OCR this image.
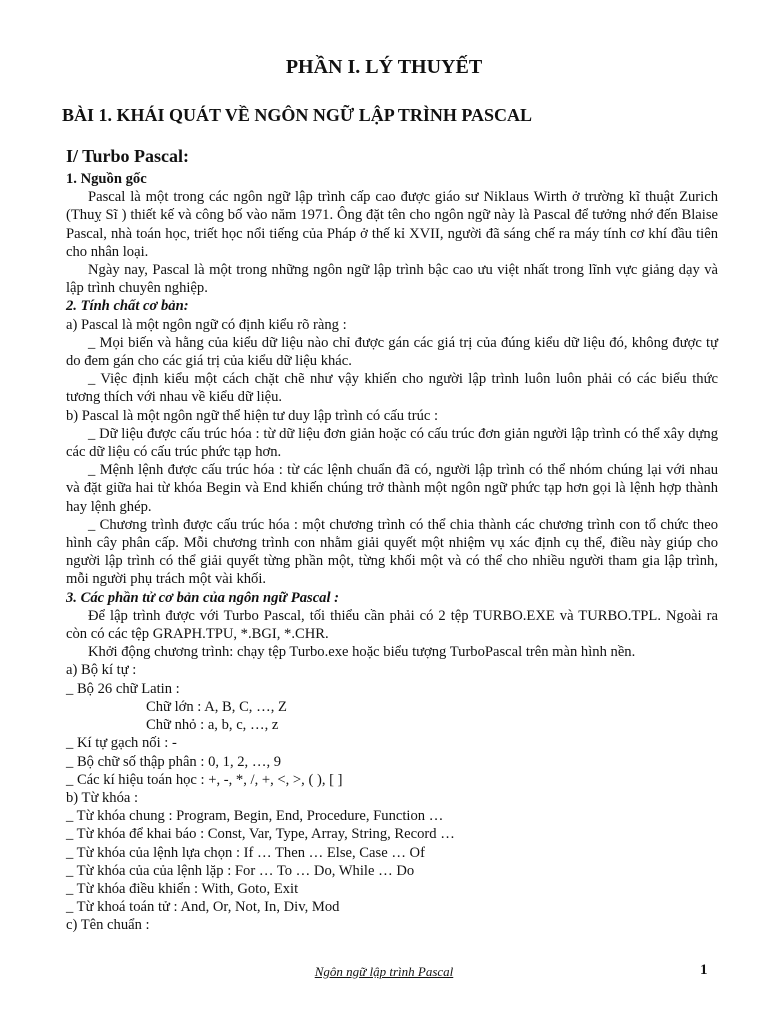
PHẦN I. LÝ THUYẾT
BÀI 1. KHÁI QUÁT VỀ NGÔN NGỮ LẬP TRÌNH PASCAL
I/ Turbo Pascal:

1. Nguồn gốc

Pascal là một trong các ngôn ngữ lập trình cấp cao được giáo sư Niklaus Wirth ở trường kĩ thuật Zurich (Thuỵ Sĩ ) thiết kế và công bố vào năm 1971. Ông đặt tên cho ngôn ngữ này là Pascal để tưởng nhớ đến Blaise Pascal, nhà toán học, triết học nổi tiếng của Pháp ở thế kỉ XVII, người đã sáng chế ra máy tính cơ khí đầu tiên cho nhân loại.

Ngày nay, Pascal là một trong những ngôn ngữ lập trình bậc cao ưu việt nhất trong lĩnh vực giảng dạy và lập trình chuyên nghiệp.

2. Tính chất cơ bản:

a) Pascal là một ngôn ngữ có định kiểu rõ ràng :

_ Mọi biến và hằng của kiểu dữ liệu nào chỉ được gán các giá trị của đúng kiểu dữ liệu đó, không được tự do đem gán cho các giá trị của kiểu dữ liệu khác.

_ Việc định kiểu một cách chặt chẽ như vậy khiến cho người lập trình luôn luôn phải có các biểu thức tương thích với nhau về kiểu dữ liệu.

b) Pascal là một ngôn ngữ thể hiện tư duy lập trình có cấu trúc :

_ Dữ liệu được cấu trúc hóa : từ dữ liệu đơn giản hoặc có cấu trúc đơn giản người lập trình có thể xây dựng các dữ liệu có cấu trúc phức tạp hơn.

_ Mệnh lệnh được cấu trúc hóa : từ các lệnh chuẩn đã có, người lập trình có thể nhóm chúng lại với nhau và đặt giữa hai từ khóa Begin và End khiến chúng trở thành một ngôn ngữ phức tạp hơn gọi là lệnh hợp thành hay lệnh ghép.

_ Chương trình được cấu trúc hóa : một chương trình có thể chia thành các chương trình con tổ chức theo hình cây phân cấp. Mỗi chương trình con nhằm giải quyết một nhiệm vụ xác định cụ thể, điều này giúp cho người lập trình có thể giải quyết từng phần một, từng khối một và có thể cho nhiều người tham gia lập trình, mỗi người phụ trách một vài khối.

3. Các phần tử cơ bản của ngôn ngữ Pascal :

Để lập trình được với Turbo Pascal, tối thiểu cần phải có 2 tệp TURBO.EXE và TURBO.TPL. Ngoài ra còn có các tệp GRAPH.TPU, *.BGI, *.CHR.

Khởi động chương trình: chạy tệp Turbo.exe hoặc biểu tượng TurboPascal trên màn hình nền.

a) Bộ kí tự :

_ Bộ 26 chữ Latin :

Chữ lớn : A, B, C, …, Z

Chữ nhỏ : a, b, c, …, z

_ Kí tự gạch nối : -

_ Bộ chữ số thập phân : 0, 1, 2, …, 9

_ Các kí hiệu toán học : +, -, *, /, +, <, >, ( ), [ ]

b) Từ khóa :

_ Từ khóa chung : Program, Begin, End, Procedure, Function …

_ Từ khóa để khai báo : Const, Var, Type, Array, String, Record …

_ Từ khóa của lệnh lựa chọn : If … Then … Else, Case … Of

_ Từ khóa của của lệnh lặp : For … To … Do, While … Do

_ Từ khóa điều khiển : With, Goto, Exit

_ Từ khoá toán tử : And, Or, Not, In, Div, Mod

c) Tên chuẩn :

Ngôn ngữ lập trình Pascal	1
